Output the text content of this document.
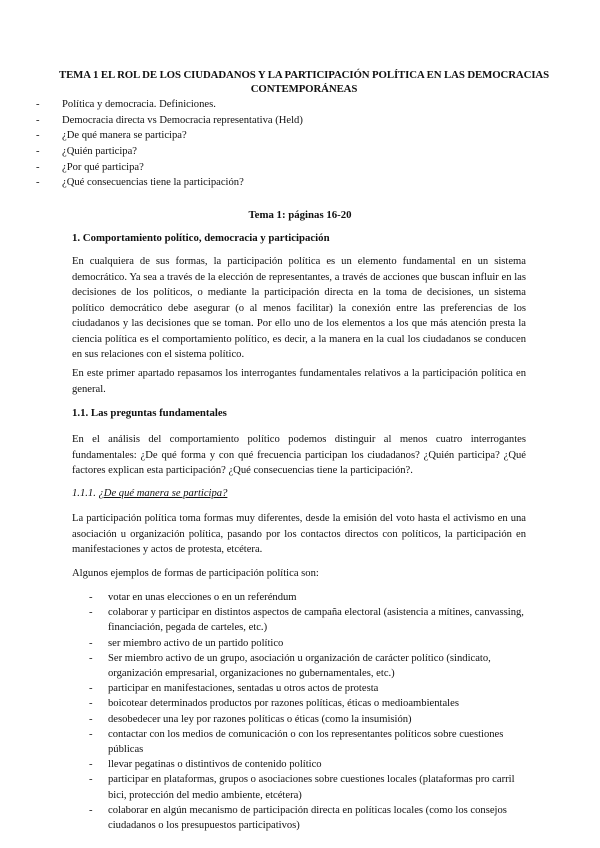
TEMA 1 EL ROL DE LOS CIUDADANOS Y LA PARTICIPACIÓN POLÍTICA EN LAS DEMOCRACIAS CONTEMPORÁNEAS
- Política y democracia. Definiciones.
- Democracia directa vs Democracia representativa (Held)
- ¿De qué manera se participa?
- ¿Quién participa?
- ¿Por qué participa?
- ¿Qué consecuencias tiene la participación?
Tema 1: páginas 16-20
1. Comportamiento político, democracia y participación

En cualquiera de sus formas, la participación política es un elemento fundamental en un sistema democrático. Ya sea a través de la elección de representantes, a través de acciones que buscan influir en las decisiones de los políticos, o mediante la participación directa en la toma de decisiones, un sistema político democrático debe asegurar (o al menos facilitar) la conexión entre las preferencias de los ciudadanos y las decisiones que se toman. Por ello uno de los elementos a los que más atención presta la ciencia política es el comportamiento político, es decir, a la manera en la cual los ciudadanos se conducen en sus relaciones con el sistema político.

En este primer apartado repasamos los interrogantes fundamentales relativos a la participación política en general.

1.1. Las preguntas fundamentales

En el análisis del comportamiento político podemos distinguir al menos cuatro interrogantes fundamentales: ¿De qué forma y con qué frecuencia participan los ciudadanos? ¿Quién participa? ¿Qué factores explican esta participación? ¿Qué consecuencias tiene la participación?.

1.1.1. ¿De qué manera se participa?

La participación política toma formas muy diferentes, desde la emisión del voto hasta el activismo en una asociación u organización política, pasando por los contactos directos con políticos, la participación en manifestaciones y actos de protesta, etcétera.

Algunos ejemplos de formas de participación política son:

- votar en unas elecciones o en un referéndum
- colaborar y participar en distintos aspectos de campaña electoral (asistencia a mítines, canvassing, financiación, pegada de carteles, etc.)
- ser miembro activo de un partido político
- Ser miembro activo de un grupo, asociación u organización de carácter político (sindicato, organización empresarial, organizaciones no gubernamentales, etc.)
- participar en manifestaciones, sentadas u otros actos de protesta
- boicotear determinados productos por razones políticas, éticas o medioambientales
- desobedecer una ley por razones políticas o éticas (como la insumisión)
- contactar con los medios de comunicación o con los representantes políticos sobre cuestiones públicas
- llevar pegatinas o distintivos de contenido político
- participar en plataformas, grupos o asociaciones sobre cuestiones locales (plataformas pro carril bici, protección del medio ambiente, etcétera)
- colaborar en algún mecanismo de participación directa en políticas locales (como los consejos ciudadanos o los presupuestos participativos)
